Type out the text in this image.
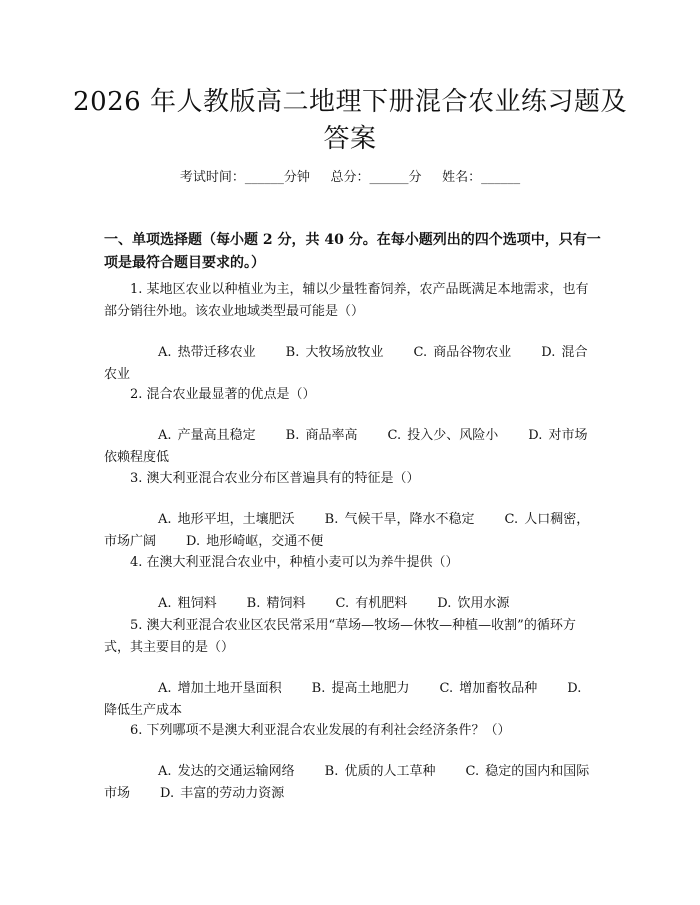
2026 年人教版高二地理下册混合农业练习题及答案
考试时间：______分钟     总分：______分     姓名：______
一、单项选择题（每小题 2 分，共 40 分。在每小题列出的四个选项中，只有一项是最符合题目要求的。）
1. 某地区农业以种植业为主，辅以少量牲畜饲养，农产品既满足本地需求，也有部分销往外地。该农业地域类型最可能是（）
A. 热带迁移农业 B. 大牧场放牧业 C. 商品谷物农业 D. 混合农业
2. 混合农业最显著的优点是（）
A. 产量高且稳定 B. 商品率高 C. 投入少、风险小 D. 对市场依赖程度低
3. 澳大利亚混合农业分布区普遍具有的特征是（）
A. 地形平坦，土壤肥沃 B. 气候干旱，降水不稳定 C. 人口稠密，市场广阔 D. 地形崎岖，交通不便
4. 在澳大利亚混合农业中，种植小麦可以为养牛提供（）
A. 粗饲料 B. 精饲料 C. 有机肥料 D. 饮用水源
5. 澳大利亚混合农业区农民常采用“草场—牧场—休牧—种植—收割”的循环方式，其主要目的是（）
A. 增加土地开垦面积 B. 提高土地肥力 C. 增加畜牧品种 D. 降低生产成本
6. 下列哪项不是澳大利亚混合农业发展的有利社会经济条件？（）
A. 发达的交通运输网络 B. 优质的人工草种 C. 稳定的国内和国际市场 D. 丰富的劳动力资源
